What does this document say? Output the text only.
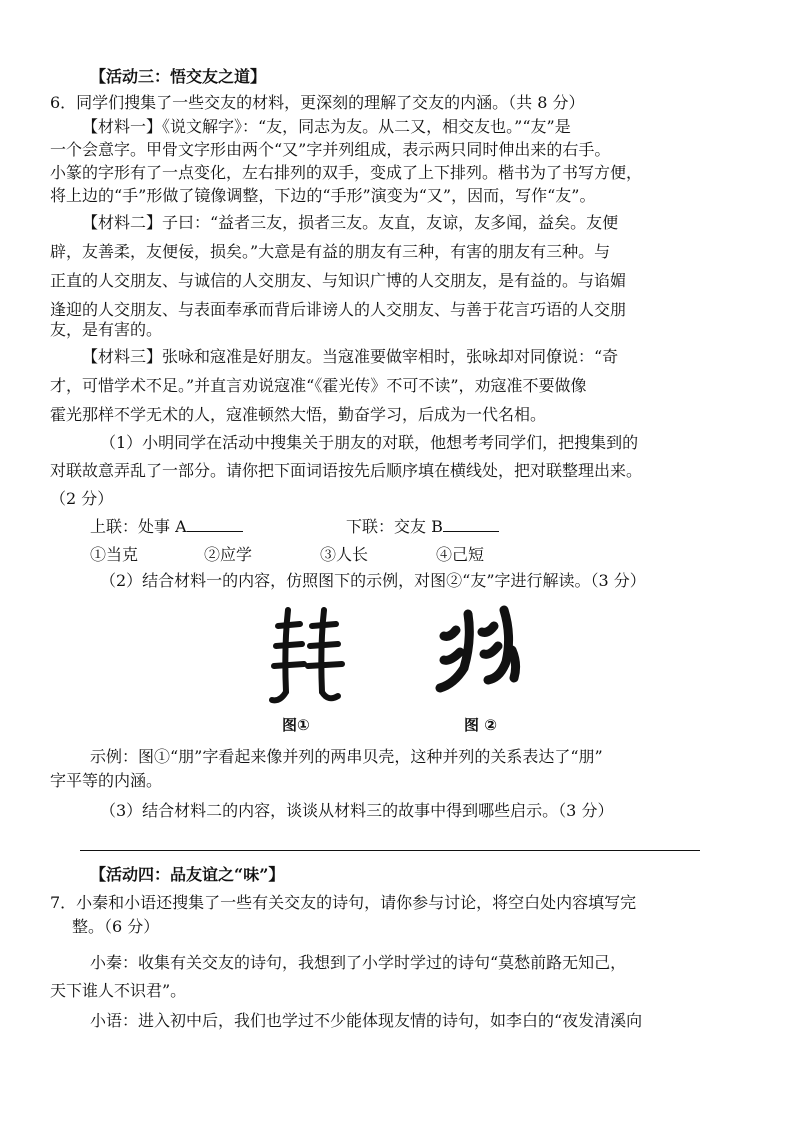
【活动三：悟交友之道】
6．同学们搜集了一些交友的材料，更深刻的理解了交友的内涵。（共 8 分）
【材料一】《说文解字》：“友，同志为友。从二又，相交友也。”“友”是
一个会意字。甲骨文字形由两个“又”字并列组成，表示两只同时伸出来的右手。
小篆的字形有了一点变化，左右排列的双手，变成了上下排列。楷书为了书写方便，
将上边的“手”形做了镜像调整，下边的“手形”演变为“又”，因而，写作“友”。
【材料二】子曰：“益者三友，损者三友。友直，友谅，友多闻，益矣。友便
辟，友善柔，友便佞，损矣。”大意是有益的朋友有三种，有害的朋友有三种。与
正直的人交朋友、与诚信的人交朋友、与知识广博的人交朋友，是有益的。与谄媚
逢迎的人交朋友、与表面奉承而背后诽谤人的人交朋友、与善于花言巧语的人交朋
友，是有害的。
【材料三】张咏和寇准是好朋友。当寇准要做宰相时，张咏却对同僚说：“奇
才，可惜学术不足。”并直言劝说寇准“《霍光传》不可不读”，劝寇准不要做像
霍光那样不学无术的人，寇准顿然大悟，勤奋学习，后成为一代名相。
（1）小明同学在活动中搜集关于朋友的对联，他想考考同学们，把搜集到的
对联故意弄乱了一部分。请你把下面词语按先后顺序填在横线处，把对联整理出来。
（2 分）
上联：处事 A	下联：交友 B
①当克	②应学	③人长	④己短
（2）结合材料一的内容，仿照图下的示例，对图②“友”字进行解读。（3 分）
图①	图 ②
示例：图①“朋”字看起来像并列的两串贝壳，这种并列的关系表达了“朋”
字平等的内涵。
（3）结合材料二的内容，谈谈从材料三的故事中得到哪些启示。（3 分）
【活动四：品友谊之“味”】
7．小秦和小语还搜集了一些有关交友的诗句，请你参与讨论，将空白处内容填写完
整。（6 分）
小秦：收集有关交友的诗句，我想到了小学时学过的诗句“莫愁前路无知己，
天下谁人不识君”。
小语：进入初中后，我们也学过不少能体现友情的诗句，如李白的“夜发清溪向
